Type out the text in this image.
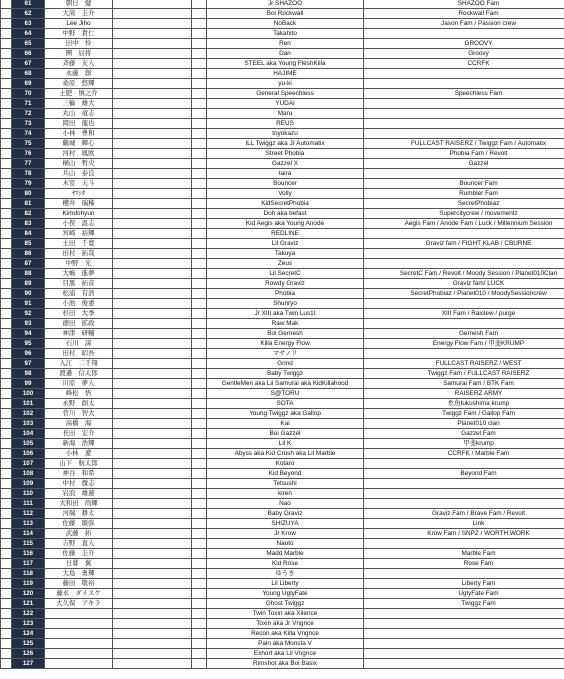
	61	朝日　健			Jr SHAZOO	SHAZOO Fam	
	62	大髙　圭介			Boi Rockwall	Rockwall Fam	
	63	Lee Jiho			NoBack	Jason Fam / Passion crew	
	64	中野　貴仁			Takahito		
	65	田中　怜			Ren	GROOVY	
	66	團　辰将			Dan	Groovy	
	67	斉藤　友人			STEEL aka Young FleshKilla	CCRFK	
	68	永藤　創			HAJIME		
	69	桑原　悠輝			yu-ki		
	70	土肥　慎之介			General Speechless	Speechless Fam	
	71	三輪　雄大			YUDAI		
	72	丸山　竜志			Maru		
	73	岡田　龍也			REUS		
	74	小林　豊和			toyokazu		
	75	鶴城　輝心			ILL Twiggz aka Jr Automatix	FULLCAST RAISERZ / Twiggz Fam / Automatix	
	76	河村　鳳欧			Street Phobia	Phobia Fam / Revolt	
	77	横山　哲央			Gazzel X	Gazzel	
	78	兵山　泰良			taira		
	79	木室　天斗			Bouncer	Bouncer Fam	
	80	ﾔﾏｼﾀ			Volly	Rumbler Fam	
	81	櫻井　瑞稀			KidSecretPhobia	SecretPhobiaz	
	82	Kimdohyun			Doh aka befast	Supercitycrew / movementz	
	83	小俣　温志			Kid Aegis aka Young Anode	Aegis Fam / Anode Fam / Luck / Millennium Session	
	84	宮崎　裕輝			REDLINE		
	85	土田　千寛			Lil Graviz	Graviz fam / FIGHT KLAB / CBURNE	
	86	田村　拓哉			Takuya		
	87	中野　光			Zeus		
	88	大嶋　進夢			Lil SecretC	SecretC Fam / Revolt / Moody Session / Planet010Clan	
	89	目黒　拓音			Rowdy Graviz	Graviz fam/ LUCK	
	90	松浦　有浩			Phobia	SecretPhobiaz / Planet010 / MoodySessioncrew	
	91	小池　俊憲			Shunryo		
	92	杉田　大季			Jr XIII aka Twin Lus1t	XIII Fam / Raiclew / purge	
	93	徳田　拡政			Raw Mak		
	94	神津　研輔			Boi Gernesh	Gernesh Fam	
	95	石川　諒			Killa Energy Flow	Energy Flow Fam / 甲斐KRUMP	
	96	田村　昭吾			マサノリ		
	97	入江　二千翔			Grind	FULLCAST RAISERZ / WEST	
	98	渡邉　信太郎			Baby Twiggz	Twiggz Fam / FULLCAST RAISERZ	
	99	川原　夢人			GentleMen aka Lil Samurai aka KidKillahood	Samurai Fam / BTK Fam	
	100	峰松　悟			S@TORU	RAISERZ ARMY	
	101	永野　創太			SOTA	糸魚fukushima krump	
	102	菅川　智大			Young Twiggz aka Gallop	Twiggz Fam / Gallop Fam	
	103	高橋　海			Kai	Planet010 clan	
	104	長田　宏介			Boi Gazzel	Gazzel Fam	
	105	新海　浩輝			Lil K	甲斐krump	
	106	小林　遼			Abyss aka Kid Crush aka Lil Marble	CCRFK / Marble Fam	
	107	山下　航太郎			Kotaro		
	108	神谷　和希			Kid Beyond	Beyond Fam	
	109	中村　徹志			Tetsushi		
	110	岩浪　雄蓮			kiren		
	111	大和田　尚輝			Nao		
	112	河端　耕太			Baby Graviz	Graviz Fam / Brave Fam / Revolt	
	113	佐藤　頌弥			SHIZUYA	Link	
	114	武藤　拓			Jr Krow	Krow Fam / SNPZ / WORTH WORK	
	115	吉野　直人			Naoto		
	116	佐藤　圭介			Madd Marble	Marble Fam	
	117	日暮　翼			Kid Rose	Rose Fam	
	118	大島　勇輝			ゆうき		
	119	藤田　敬裕			Lil Liberty	Liberty Fam	
	120	藤永　ダイスケ			Young UglyFate	UglyFate Fam	
	121	大久保　アキラ			Ghost Twiggz	Twiggz Fam	
	122				Twin Toxin aka Xilence		
	123				Toxin aka Jr Vngnce		
	124				Recon aka Killa Vngnce		
	125				Pain aka Monsta V		
	126				Exhort aka Lil Vngnce		
	127				Rimshot aka Boi Basix		
